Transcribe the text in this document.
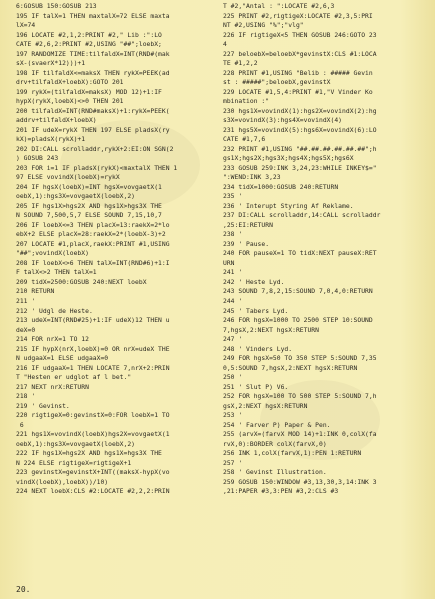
6:GOSUB 150:GOSUB 213
195 IF talX=1 THEN maxtalX=72 ELSE maxta
lX=74
196 LOCATE #2,1,2:PRINT #2," Lib :":LO
CATE #2,6,2:PRINT #2,USING "##";loebX;
197 RANDOMIZE TIME:tilfaldX=INT(RND#(mak
sX-(svaerX*12)))+1
198 IF tilfaldX<=maksX THEN rykX=PEEK(ad
drv+tilfaldX+loebX):GOTO 201
199 rykX=(tilfaldX=maksX) MOD 12)+1:IF
hypX(rykX,loebX)<>0 THEN 201
200 tilfaldX=INT(RND#maksX)+1:rykX=PEEK(
addrv+tilfaldX+loebX)
201 IF udeX=rykX THEN 197 ELSE pladsX(ry
kX)=pladsX(rykX)+1
202 DI:CALL scrolladdr,rykX+2:EI:ON SGN(2
) GOSUB 243
203 FOR i=1 IF pladsX(rykX)<maxtalX THEN 1
97 ELSE vovindX(loebX)=rykX
204 IF hgsX(loebX)=INT hgsX=vovgaetX(1
oebX,1):hgs3X=vovgaetX(loebX,2)
205 IF hgs1X>hgs2X AND hgs1X>hgs3X THE
N SOUND 7,500,5,7 ELSE SOUND 7,15,10,7
206 IF loebX<=3 THEN placX=13:raekX=2*lo
ebX+2 ELSE placX=28:raekX=2*(loebX-3)+2
207 LOCATE #1,placX,raekX:PRINT #1,USING
"##";vovindX(loebX)
208 IF loebX<>6 THEN talX=INT(RND#6)+1:I
F talX<>2 THEN talX=1
209 tidX=2500:GOSUB 240:NEXT loebX
210 RETURN
211 '
212 ' Udgl de Heste.
213 udeX=INT(RND#25)+1:IF udeX)12 THEN u
deX=0
214 FOR nrX=1 TO 12
215 IF hypX(nrX,loebX)=0 OR nrX=udeX THE
N udgaaX=1 ELSE udgaaX=0
216 IF udgaaX=1 THEN LOCATE 7,nrX+2:PRIN
T "Hesten er udglot af l bet."
217 NEXT nrX:RETURN
218 '
219 ' Gevinst.
220 rigtigeX=0:gevinstX=0:FOR loebX=1 TO
6
221 hgs1X=vovindX(loebX)hgs2X=vovgaetX(1
oebX,1):hgs3X=vovgaetX(loebX,2)
222 IF hgs1X=hgs2X AND hgs1X=hgs3X THE
N 224 ELSE rigtigeX=rigtigeX+1
223 gevinstX=gevinstX+INT((maksX-hypX(vo
vindX(loebX),loebX))/10)
224 NEXT loebX:CLS #2:LOCATE #2,2,2:PRIN
T #2,"Antal : ":LOCATE #2,6,3
225 PRINT #2,rigtigeX:LOCATE #2,3,5:PRI
NT #2,USING "%";"vlg"
226 IF rigtigeX<5 THEN GOSUB 246:GOTO 23
4
227 beloebX=beloebX*gevinstX:CLS #1:LOCA
TE #1,2,2
228 PRINT #1,USING "Belib : ##### Gevin
st : #####";beloebX,gevinstX
229 LOCATE #1,5,4:PRINT #1,"V Vinder Ko
mbination :"
230 hgs1X=vovindX(1):hgs2X=vovindX(2):hg
s3X=vovindX(3):hgs4X=vovindX(4)
231 hgs5X=vovindX(5):hgs6X=vovindX(6):LO
CATE #1,7,6
232 PRINT #1,USING "##.##.##.##.##.##";h
gs1X;hgs2X;hgs3X;hgs4X;hgs5X;hgs6X
233 GOSUB 259:INK 3,24,23:WHILE INKEY$="
":WEND:INK 3,23
234 tidX=1000:GOSUB 240:RETURN
235 '
236 ' Interupt Styring Af Reklame.
237 DI:CALL scrolladdr,14:CALL scrolladdr
,25:EI:RETURN
238 '
239 ' Pause.
240 FOR pauseX=1 TO tidX:NEXT pauseX:RET
URN
241 '
242 ' Heste Lyd.
243 SOUND 7,8,2,15:SOUND 7,0,4,0:RETURN
244 '
245 ' Tabers Lyd.
246 FOR hgsX=1000 TO 2500 STEP 10:SOUND
7,hgsX,2:NEXT hgsX:RETURN
247 '
248 ' Vinders Lyd.
249 FOR hgsX=50 TO 350 STEP 5:SOUND 7,35
0,5:SOUND 7,hgsX,2:NEXT hgsX:RETURN
250 '
251 ' Slut P) V6.
252 FOR hgsX=100 TO 500 STEP 5:SOUND 7,h
gsX,2:NEXT hgsX:RETURN
253 '
254 ' Farver P) Paper & Pen.
255 (arvX=(farvX MOD 14)+1:INK 0,colX(fa
rvX,0):BORDER colX(farvX,0)
256 INK 1,colX(farvX,1):PEN 1:RETURN
257 '
258 ' Gevinst Illustration.
259 GOSUB 150:WINDOW #3,13,30,3,14:INK 3
,21:PAPER #3,3:PEN #3,2:CLS #3
20.
